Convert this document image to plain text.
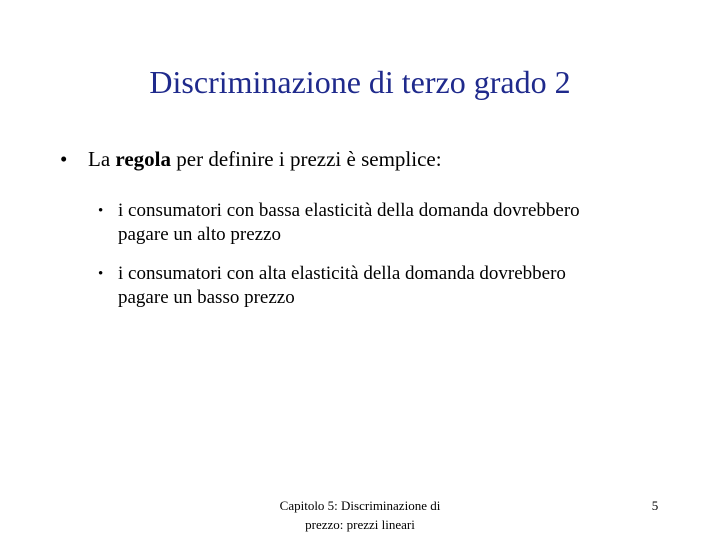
Discriminazione di terzo grado 2
• La regola per definire i prezzi è semplice:
• i consumatori con bassa elasticità della domanda dovrebbero
pagare un alto prezzo
• i consumatori con alta elasticità della domanda dovrebbero
pagare un basso prezzo
Capitolo 5: Discriminazione di
prezzo: prezzi lineari
5
